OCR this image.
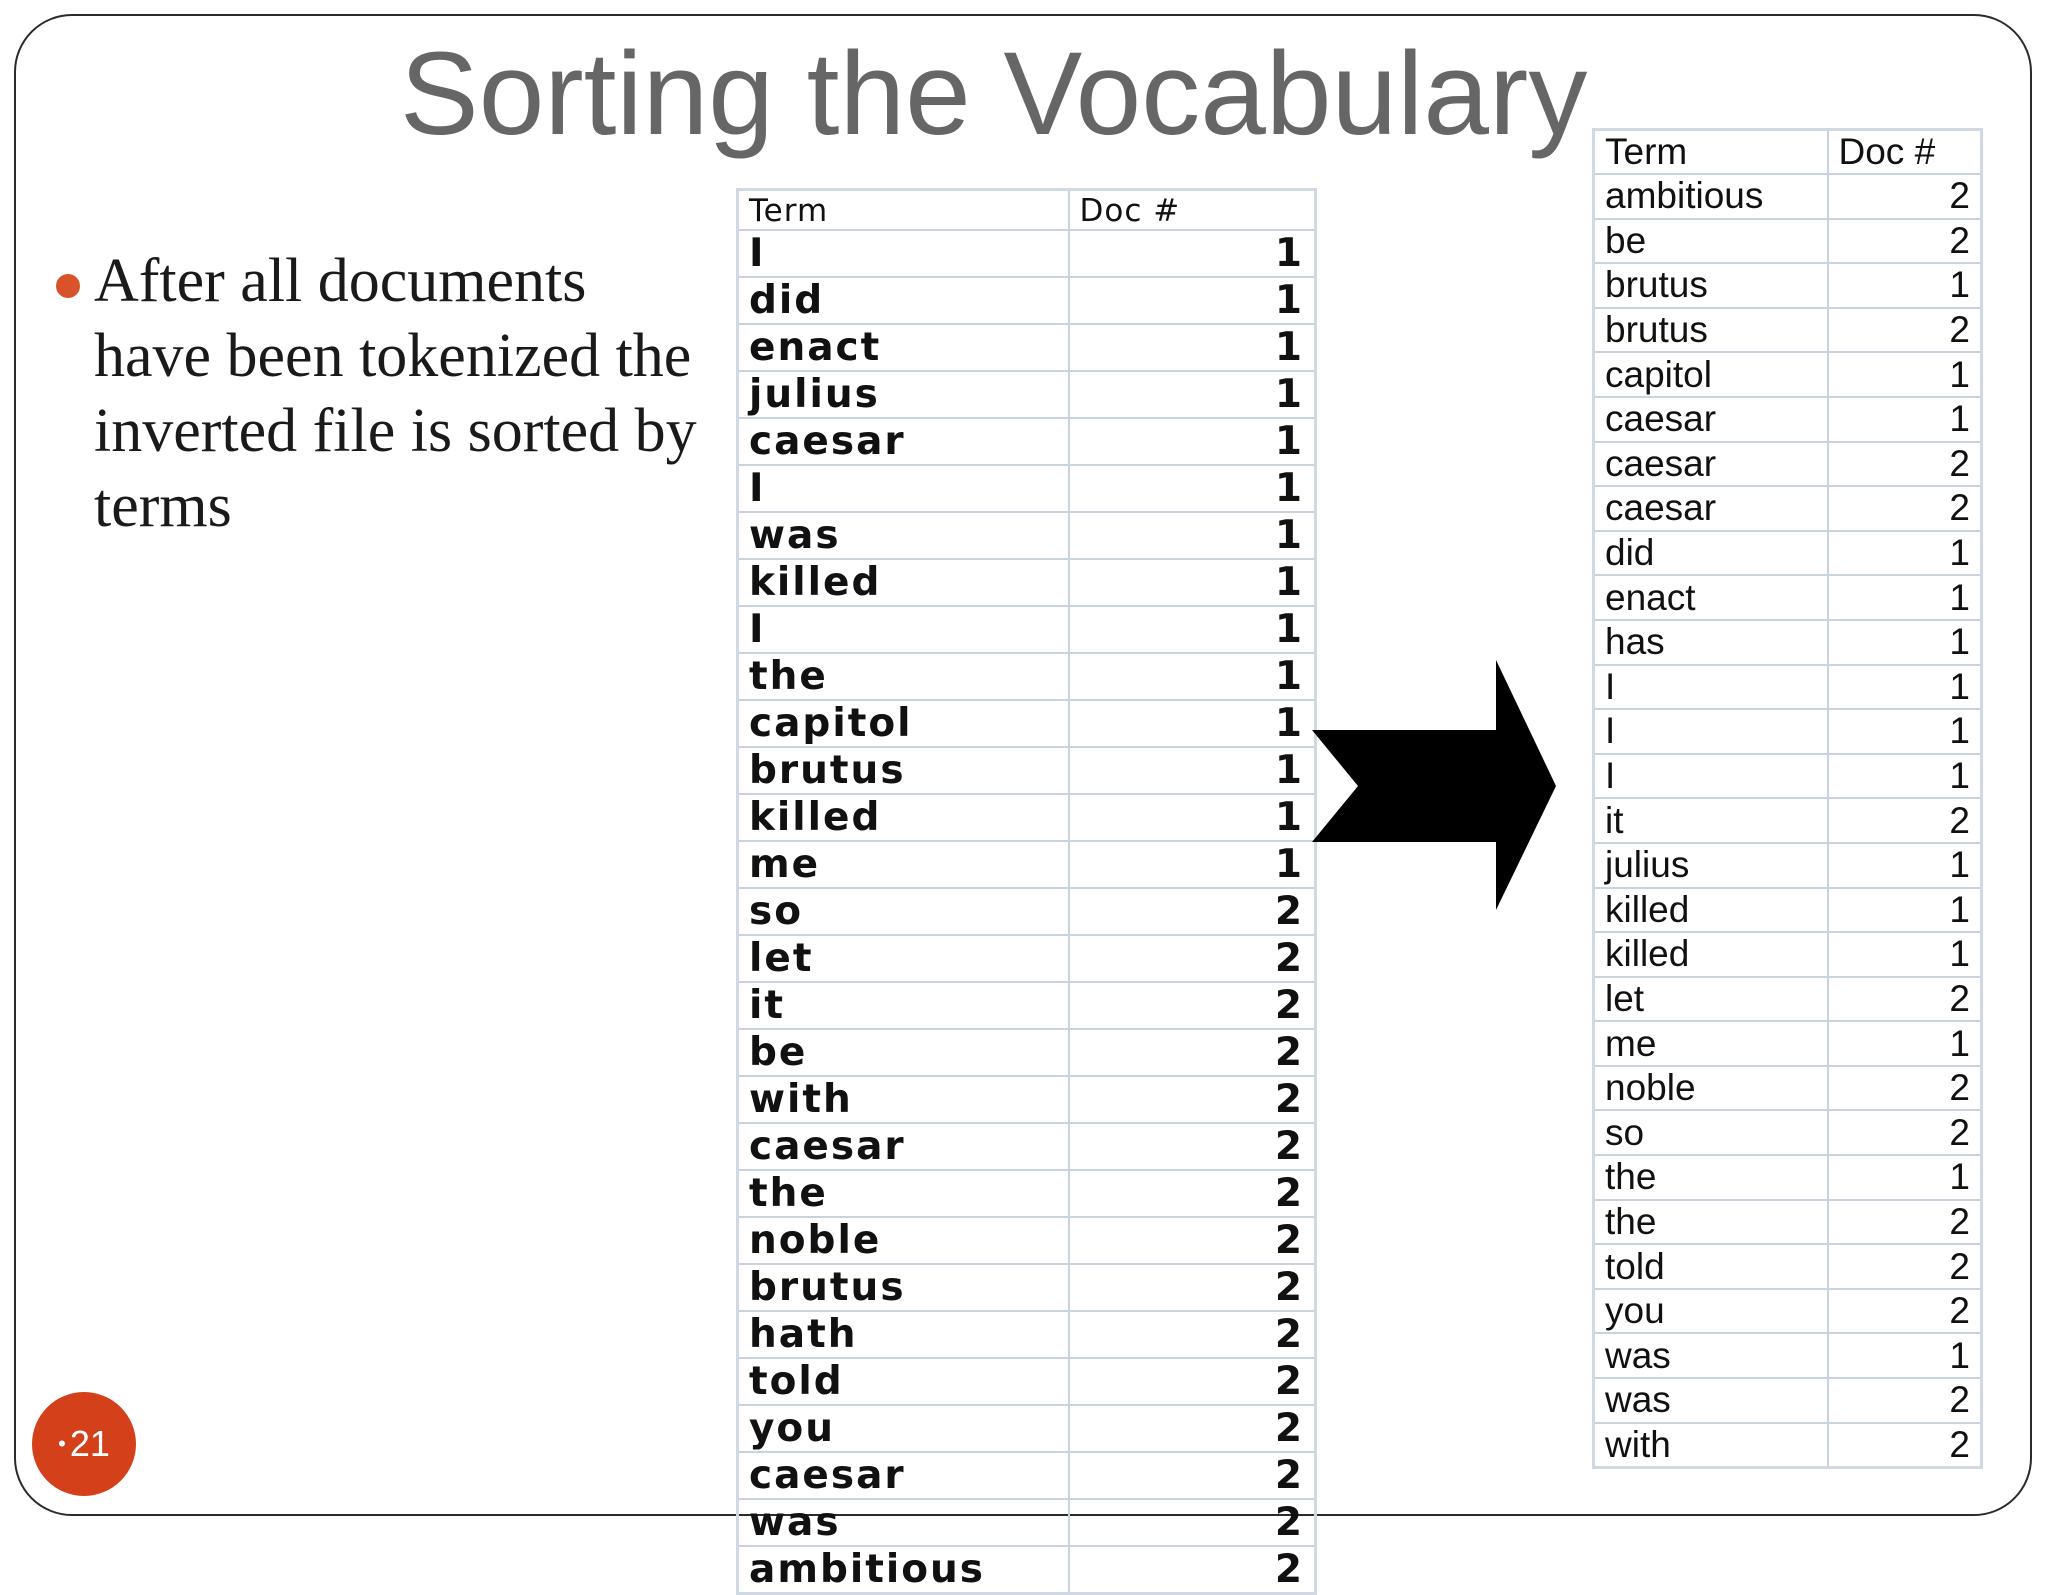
Sorting the Vocabulary
After all documents have been tokenized the inverted file is sorted by terms
Term	Doc #
I	1
did	1
enact	1
julius	1
caesar	1
I	1
was	1
killed	1
I	1
the	1
capitol	1
brutus	1
killed	1
me	1
so	2
let	2
it	2
be	2
with	2
caesar	2
the	2
noble	2
brutus	2
hath	2
told	2
you	2
caesar	2
was	2
ambitious	2
Term	Doc #
ambitious	2
be	2
brutus	1
brutus	2
capitol	1
caesar	1
caesar	2
caesar	2
did	1
enact	1
has	1
I	1
I	1
I	1
it	2
julius	1
killed	1
killed	1
let	2
me	1
noble	2
so	2
the	1
the	2
told	2
you	2
was	1
was	2
with	2
• 21
